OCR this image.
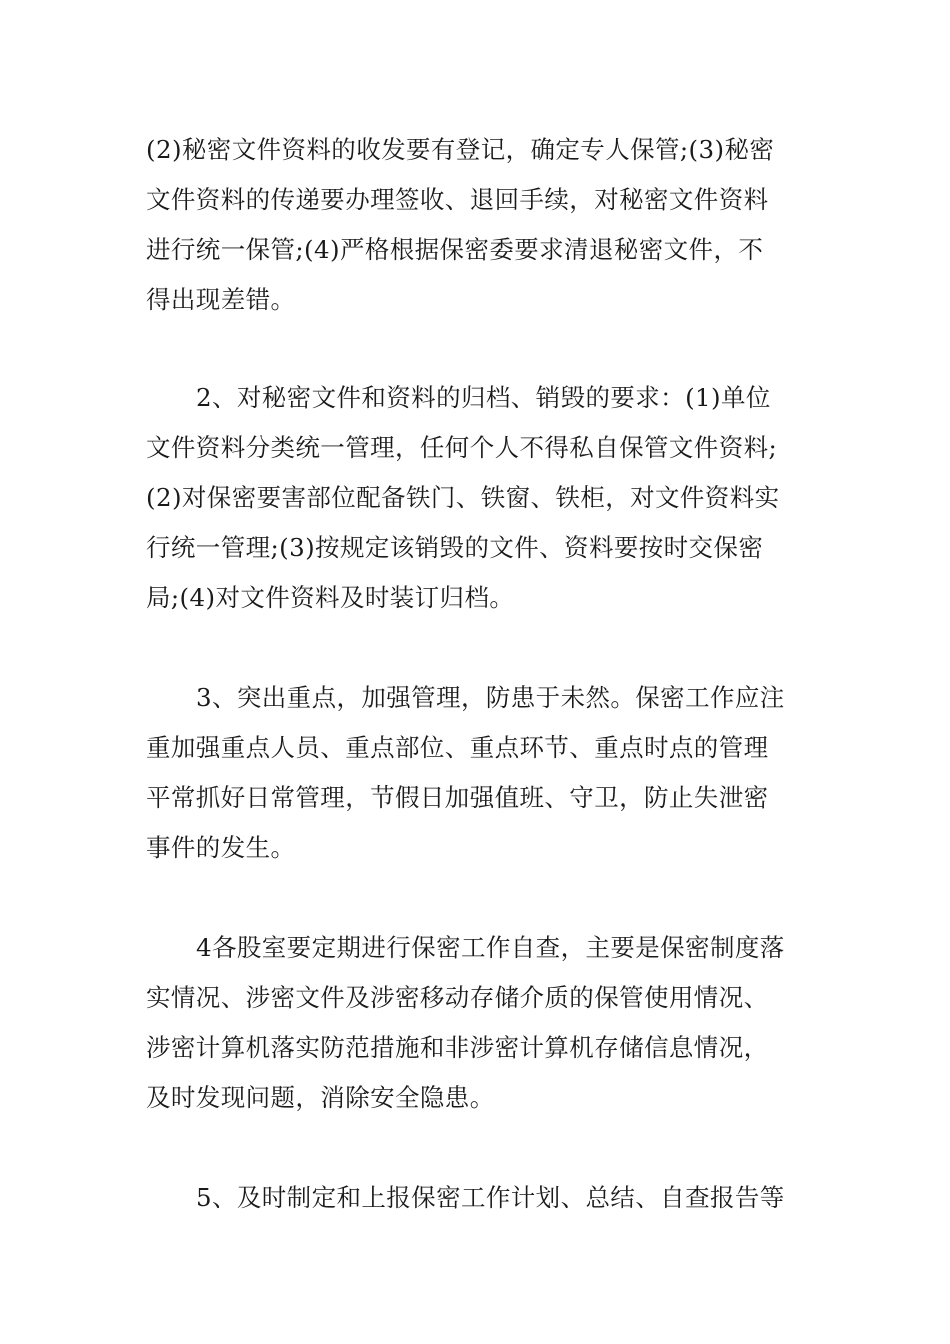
(2)秘密文件资料的收发要有登记，确定专人保管;(3)秘密
文件资料的传递要办理签收、退回手续，对秘密文件资料
进行统一保管;(4)严格根据保密委要求清退秘密文件，不
得出现差错。
2、对秘密文件和资料的归档、销毁的要求：(1)单位
文件资料分类统一管理，任何个人不得私自保管文件资料;
(2)对保密要害部位配备铁门、铁窗、铁柜，对文件资料实
行统一管理;(3)按规定该销毁的文件、资料要按时交保密
局;(4)对文件资料及时装订归档。
3、突出重点，加强管理，防患于未然。保密工作应注
重加强重点人员、重点部位、重点环节、重点时点的管理
平常抓好日常管理，节假日加强值班、守卫，防止失泄密
事件的发生。
4各股室要定期进行保密工作自查，主要是保密制度落
实情况、涉密文件及涉密移动存储介质的保管使用情况、
涉密计算机落实防范措施和非涉密计算机存储信息情况，
及时发现问题，消除安全隐患。
5、及时制定和上报保密工作计划、总结、自查报告等
